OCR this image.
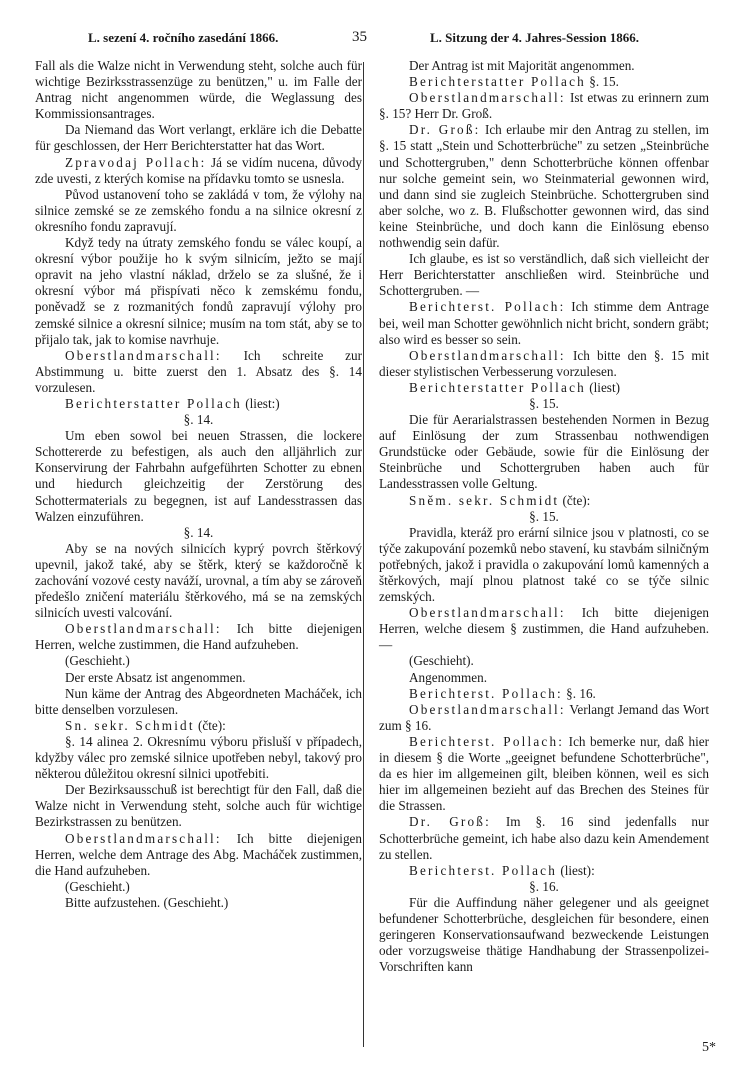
L. sezení 4. ročního zasedání 1866.	35	L. Sitzung der 4. Jahres-Session 1866.

Fall als die Walze nicht in Verwendung steht, solche auch für wichtige Bezirksstrassenzüge zu benützen," u. im Falle der Antrag nicht angenommen würde, die Weglassung des Kommissionsantrages.

Da Niemand das Wort verlangt, erkläre ich die Debatte für geschlossen, der Herr Berichterstatter hat das Wort.

Zpravodaj Pollach: Já se vidím nucena, důvody zde uvesti, z kterých komise na přídavku tomto se usnesla.

Původ ustanovení toho se zakládá v tom, že výlohy na silnice zemské se ze zemského fondu a na silnice okresní z okresního fondu zapravují.

Když tedy na útraty zemského fondu se válec koupí, a okresní výbor použije ho k svým silnicím, ježto se mají opravit na jeho vlastní náklad, drželo se za slušné, že i okresní výbor má přispívati něco k zemskému fondu, poněvadž se z rozmanitých fondů zapravují výlohy pro zemské silnice a okresní silnice; musím na tom stát, aby se to přijalo tak, jak to komise navrhuje.

Oberstlandmarschall: Ich schreite zur Abstimmung u. bitte zuerst den 1. Absatz des §. 14 vorzulesen.

Berichterstatter Pollach (liest:)

§. 14.

Um eben sowol bei neuen Strassen, die lockere Schottererde zu befestigen, als auch den alljährlich zur Konservirung der Fahrbahn aufgeführten Schotter zu ebnen und hiedurch gleichzeitig der Zerstörung des Schottermaterials zu begegnen, ist auf Landesstrassen das Walzen einzuführen.

§. 14.

Aby se na nových silnicích kyprý povrch štěrkový upevnil, jakož také, aby se štěrk, který se každoročně k zachování vozové cesty naváží, urovnal, a tím aby se zároveň předešlo zničení materiálu štěrkového, má se na zemských silnicích uvesti valcování.

Oberstlandmarschall: Ich bitte diejenigen Herren, welche zustimmen, die Hand aufzuheben.

(Geschieht.)

Der erste Absatz ist angenommen.

Nun käme der Antrag des Abgeordneten Macháček, ich bitte denselben vorzulesen.

Sn. sekr. Schmidt (čte):

§. 14 alinea 2. Okresnímu výboru přisluší v případech, kdyžby válec pro zemské silnice upotřeben nebyl, takový pro některou důležitou okresní silnici upotřebiti.

Der Bezirksausschuß ist berechtigt für den Fall, daß die Walze nicht in Verwendung steht, solche auch für wichtige Bezirkstrassen zu benützen.

Oberstlandmarschall: Ich bitte diejenigen Herren, welche dem Antrage des Abg. Macháček zustimmen, die Hand aufzuheben.

(Geschieht.)

Bitte aufzustehen. (Geschieht.)

Der Antrag ist mit Majorität angenommen.

Berichterstatter Pollach §. 15.

Oberstlandmarschall: Ist etwas zu erinnern zum §. 15? Herr Dr. Groß.

Dr. Groß: Ich erlaube mir den Antrag zu stellen, im §. 15 statt „Stein und Schotterbrüche" zu setzen „Steinbrüche und Schottergruben," denn Schotterbrüche können offenbar nur solche gemeint sein, wo Steinmaterial gewonnen wird, und dann sind sie zugleich Steinbrüche. Schottergruben sind aber solche, wo z. B. Flußschotter gewonnen wird, das sind keine Steinbrüche, und doch kann die Einlösung ebenso nothwendig sein dafür.

Ich glaube, es ist so verständlich, daß sich vielleicht der Herr Berichterstatter anschließen wird. Steinbrüche und Schottergruben. —

Berichterst. Pollach: Ich stimme dem Antrage bei, weil man Schotter gewöhnlich nicht bricht, sondern gräbt; also wird es besser so sein.

Oberstlandmarschall: Ich bitte den §. 15 mit dieser stylistischen Verbesserung vorzulesen.

Berichterstatter Pollach (liest)

§. 15.

Die für Aerarialstrassen bestehenden Normen in Bezug auf Einlösung der zum Strassenbau nothwendigen Grundstücke oder Gebäude, sowie für die Einlösung der Steinbrüche und Schottergruben haben auch für Landesstrassen volle Geltung.

Sněm. sekr. Schmidt (čte):

§. 15.

Pravidla, kteráž pro erární silnice jsou v platnosti, co se týče zakupování pozemků nebo stavení, ku stavbám silničným potřebných, jakož i pravidla o zakupování lomů kamenných a štěrkových, mají plnou platnost také co se týče silnic zemských.

Oberstlandmarschall: Ich bitte diejenigen Herren, welche diesem § zustimmen, die Hand aufzuheben. —

(Geschieht).

Angenommen.

Berichterst. Pollach: §. 16.

Oberstlandmarschall: Verlangt Jemand das Wort zum § 16.

Berichterst. Pollach: Ich bemerke nur, daß hier in diesem § die Worte „geeignet befundene Schotterbrüche", da es hier im allgemeinen gilt, bleiben können, weil es sich hier im allgemeinen bezieht auf das Brechen des Steines für die Strassen.

Dr. Groß: Im §. 16 sind jedenfalls nur Schotterbrüche gemeint, ich habe also dazu kein Amendement zu stellen.

Berichterst. Pollach (liest):

§. 16.

Für die Auffindung näher gelegener und als geeignet befundener Schotterbrüche, desgleichen für besondere, einen geringeren Konservationsaufwand bezweckende Leistungen oder vorzugsweise thätige Handhabung der Strassenpolizei-Vorschriften kann

5*
